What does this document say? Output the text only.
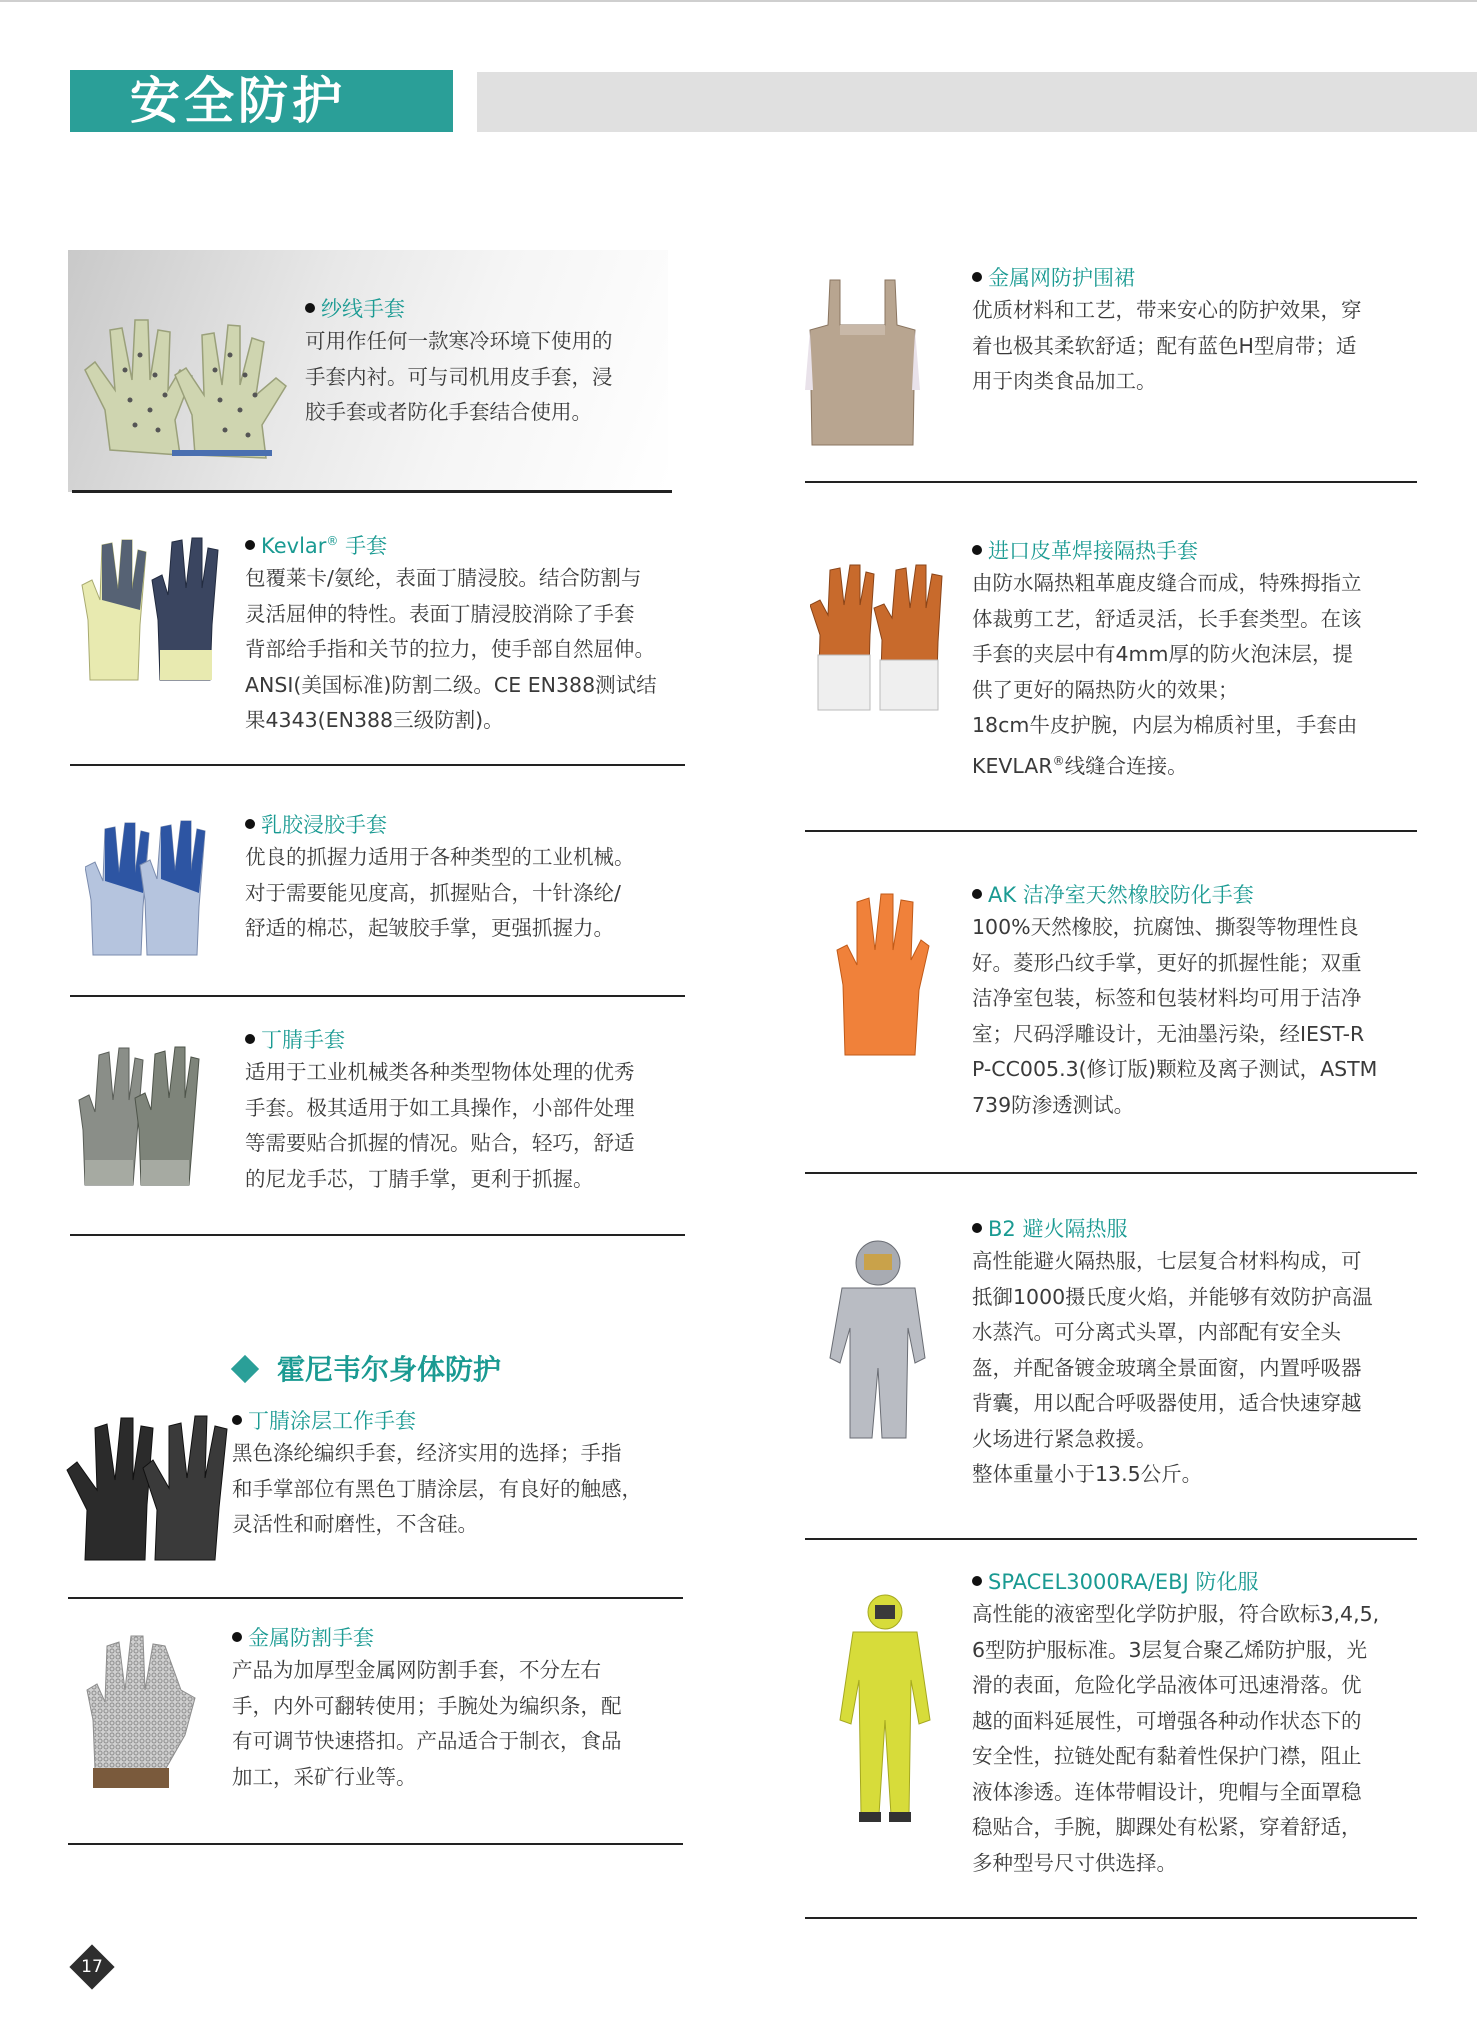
安全防护
纱线手套
可用作任何一款寒冷环境下使用的
手套内衬。可与司机用皮手套，浸
胶手套或者防化手套结合使用。
Kevlar® 手套
包覆莱卡/氨纶，表面丁腈浸胶。结合防割与
灵活屈伸的特性。表面丁腈浸胶消除了手套
背部给手指和关节的拉力，使手部自然屈伸。
ANSI(美国标准)防割二级。CE EN388测试结
果4343(EN388三级防割)。
乳胶浸胶手套
优良的抓握力适用于各种类型的工业机械。
对于需要能见度高，抓握贴合，十针涤纶/
舒适的棉芯，起皱胶手掌，更强抓握力。
丁腈手套
适用于工业机械类各种类型物体处理的优秀
手套。极其适用于如工具操作，小部件处理
等需要贴合抓握的情况。贴合，轻巧，舒适
的尼龙手芯，丁腈手掌，更利于抓握。
霍尼韦尔身体防护
丁腈涂层工作手套
黑色涤纶编织手套，经济实用的选择；手指
和手掌部位有黑色丁腈涂层，有良好的触感，
灵活性和耐磨性，不含硅。
金属防割手套
产品为加厚型金属网防割手套，不分左右
手，内外可翻转使用；手腕处为编织条，配
有可调节快速搭扣。产品适合于制衣，食品
加工，采矿行业等。
金属网防护围裙
优质材料和工艺，带来安心的防护效果，穿
着也极其柔软舒适；配有蓝色H型肩带；适
用于肉类食品加工。
进口皮革焊接隔热手套
由防水隔热粗革鹿皮缝合而成，特殊拇指立
体裁剪工艺，舒适灵活，长手套类型。在该
手套的夹层中有4mm厚的防火泡沫层，提
供了更好的隔热防火的效果；
18cm牛皮护腕，内层为棉质衬里，手套由
KEVLAR®线缝合连接。
AK 洁净室天然橡胶防化手套
100%天然橡胶，抗腐蚀、撕裂等物理性良
好。菱形凸纹手掌，更好的抓握性能；双重
洁净室包装，标签和包装材料均可用于洁净
室；尺码浮雕设计，无油墨污染，经IEST-R
P-CC005.3(修订版)颗粒及离子测试，ASTM
739防渗透测试。
B2 避火隔热服
高性能避火隔热服，七层复合材料构成，可
抵御1000摄氏度火焰，并能够有效防护高温
水蒸汽。可分离式头罩，内部配有安全头
盔，并配备镀金玻璃全景面窗，内置呼吸器
背囊，用以配合呼吸器使用，适合快速穿越
火场进行紧急救援。
整体重量小于13.5公斤。
SPACEL3000RA/EBJ 防化服
高性能的液密型化学防护服，符合欧标3,4,5,
6型防护服标准。3层复合聚乙烯防护服，光
滑的表面，危险化学品液体可迅速滑落。优
越的面料延展性，可增强各种动作状态下的
安全性，拉链处配有黏着性保护门襟，阻止
液体渗透。连体带帽设计，兜帽与全面罩稳
稳贴合，手腕，脚踝处有松紧，穿着舒适，
多种型号尺寸供选择。
17
